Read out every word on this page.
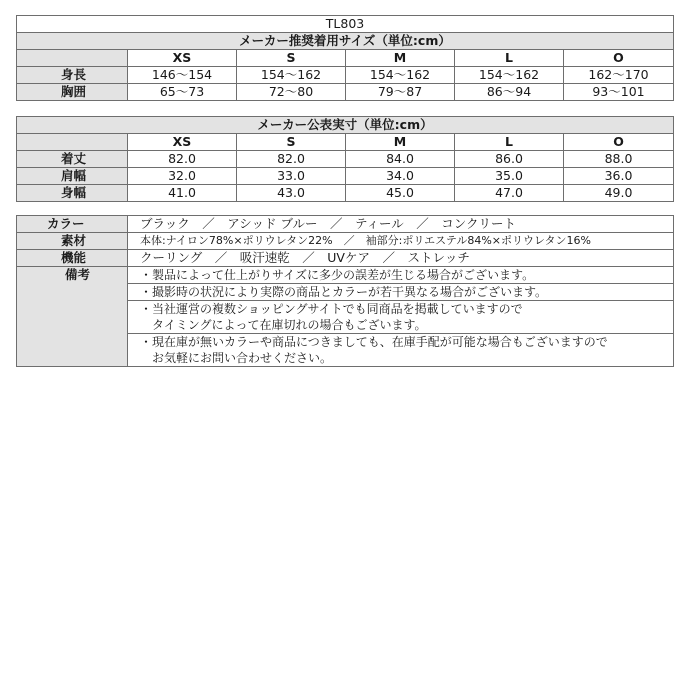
TL803					
メーカー推奨着用サイズ（単位:cm）					
	XS	S	M	L	O
身長	146〜154	154〜162	154〜162	154〜162	162〜170
胸囲	65〜73	72〜80	79〜87	86〜94	93〜101
メーカー公表実寸（単位:cm）					
	XS	S	M	L	O
着丈	82.0	82.0	84.0	86.0	88.0
肩幅	32.0	33.0	34.0	35.0	36.0
身幅	41.0	43.0	45.0	47.0	49.0
カラー	ブラック　／　アシッド ブルー　／　ティール　／　コンクリート
素材	本体:ナイロン78%×ポリウレタン22%　／　袖部分:ポリエステル84%×ポリウレタン16%
機能	クーリング　／　吸汗速乾　／　UVケア　／　ストレッチ
備考	・製品によって仕上がりサイズに多少の誤差が生じる場合がございます。
	・撮影時の状況により実際の商品とカラーが若干異なる場合がございます。

	・当社運営の複数ショッピングサイトでも同商品を掲載していますので
　タイミングによって在庫切れの場合もございます。

	・現在庫が無いカラーや商品につきましても、在庫手配が可能な場合もございますので
　お気軽にお問い合わせください。
